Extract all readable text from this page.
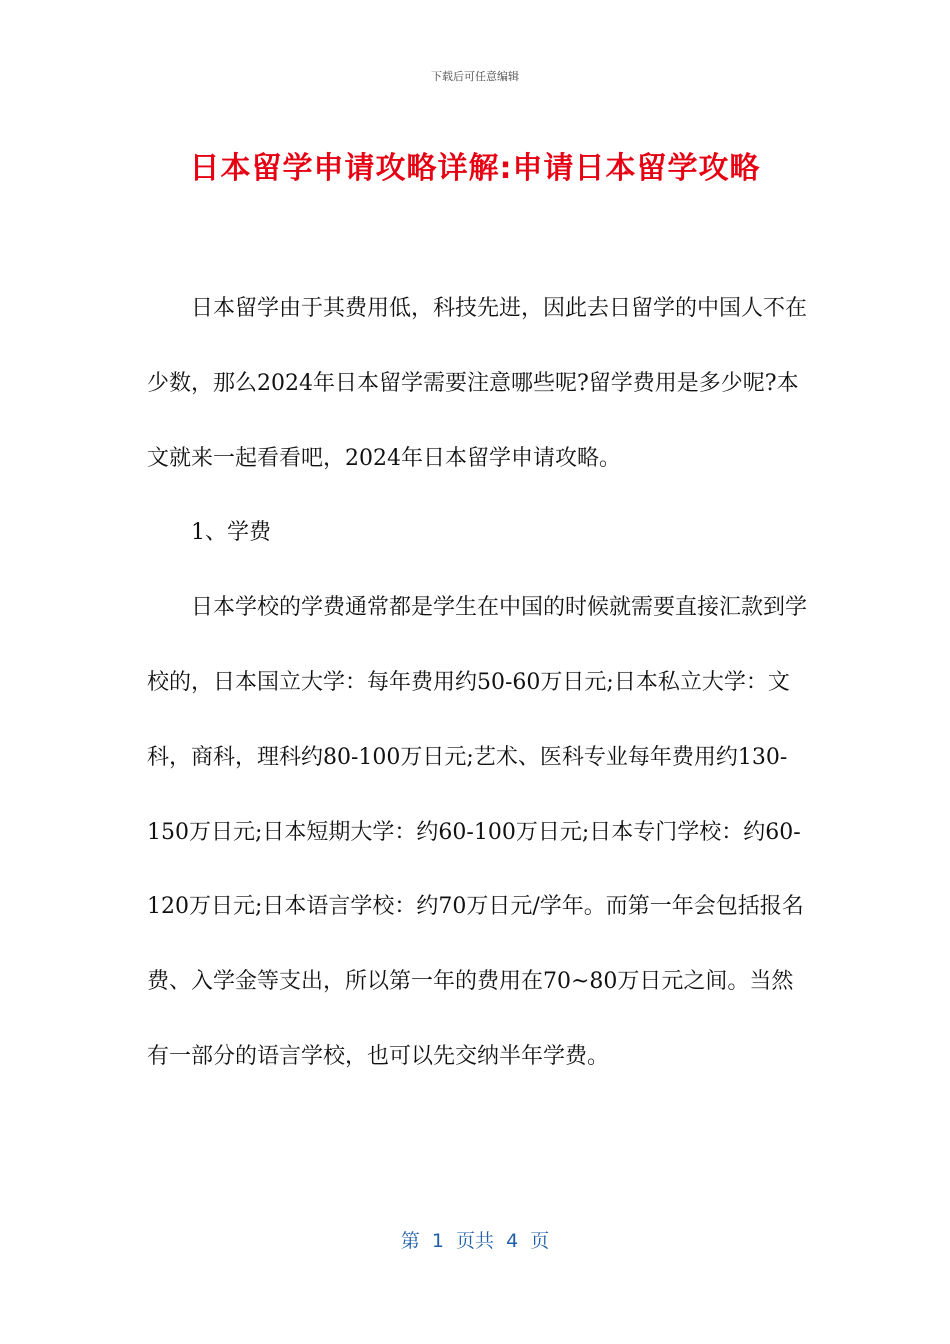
下载后可任意编辑
日本留学申请攻略详解:申请日本留学攻略

日本留学由于其费用低，科技先进，因此去日留学的中国人不在少数，那么2024年日本留学需要注意哪些呢?留学费用是多少呢?本文就来一起看看吧，2024年日本留学申请攻略。

1、学费

日本学校的学费通常都是学生在中国的时候就需要直接汇款到学校的，日本国立大学：每年费用约50-60万日元;日本私立大学：文科，商科，理科约80-100万日元;艺术、医科专业每年费用约130-150万日元;日本短期大学：约60-100万日元;日本专门学校：约60-120万日元;日本语言学校：约70万日元/学年。而第一年会包括报名费、入学金等支出，所以第一年的费用在70~80万日元之间。当然有一部分的语言学校，也可以先交纳半年学费。

第  1  页共  4  页
